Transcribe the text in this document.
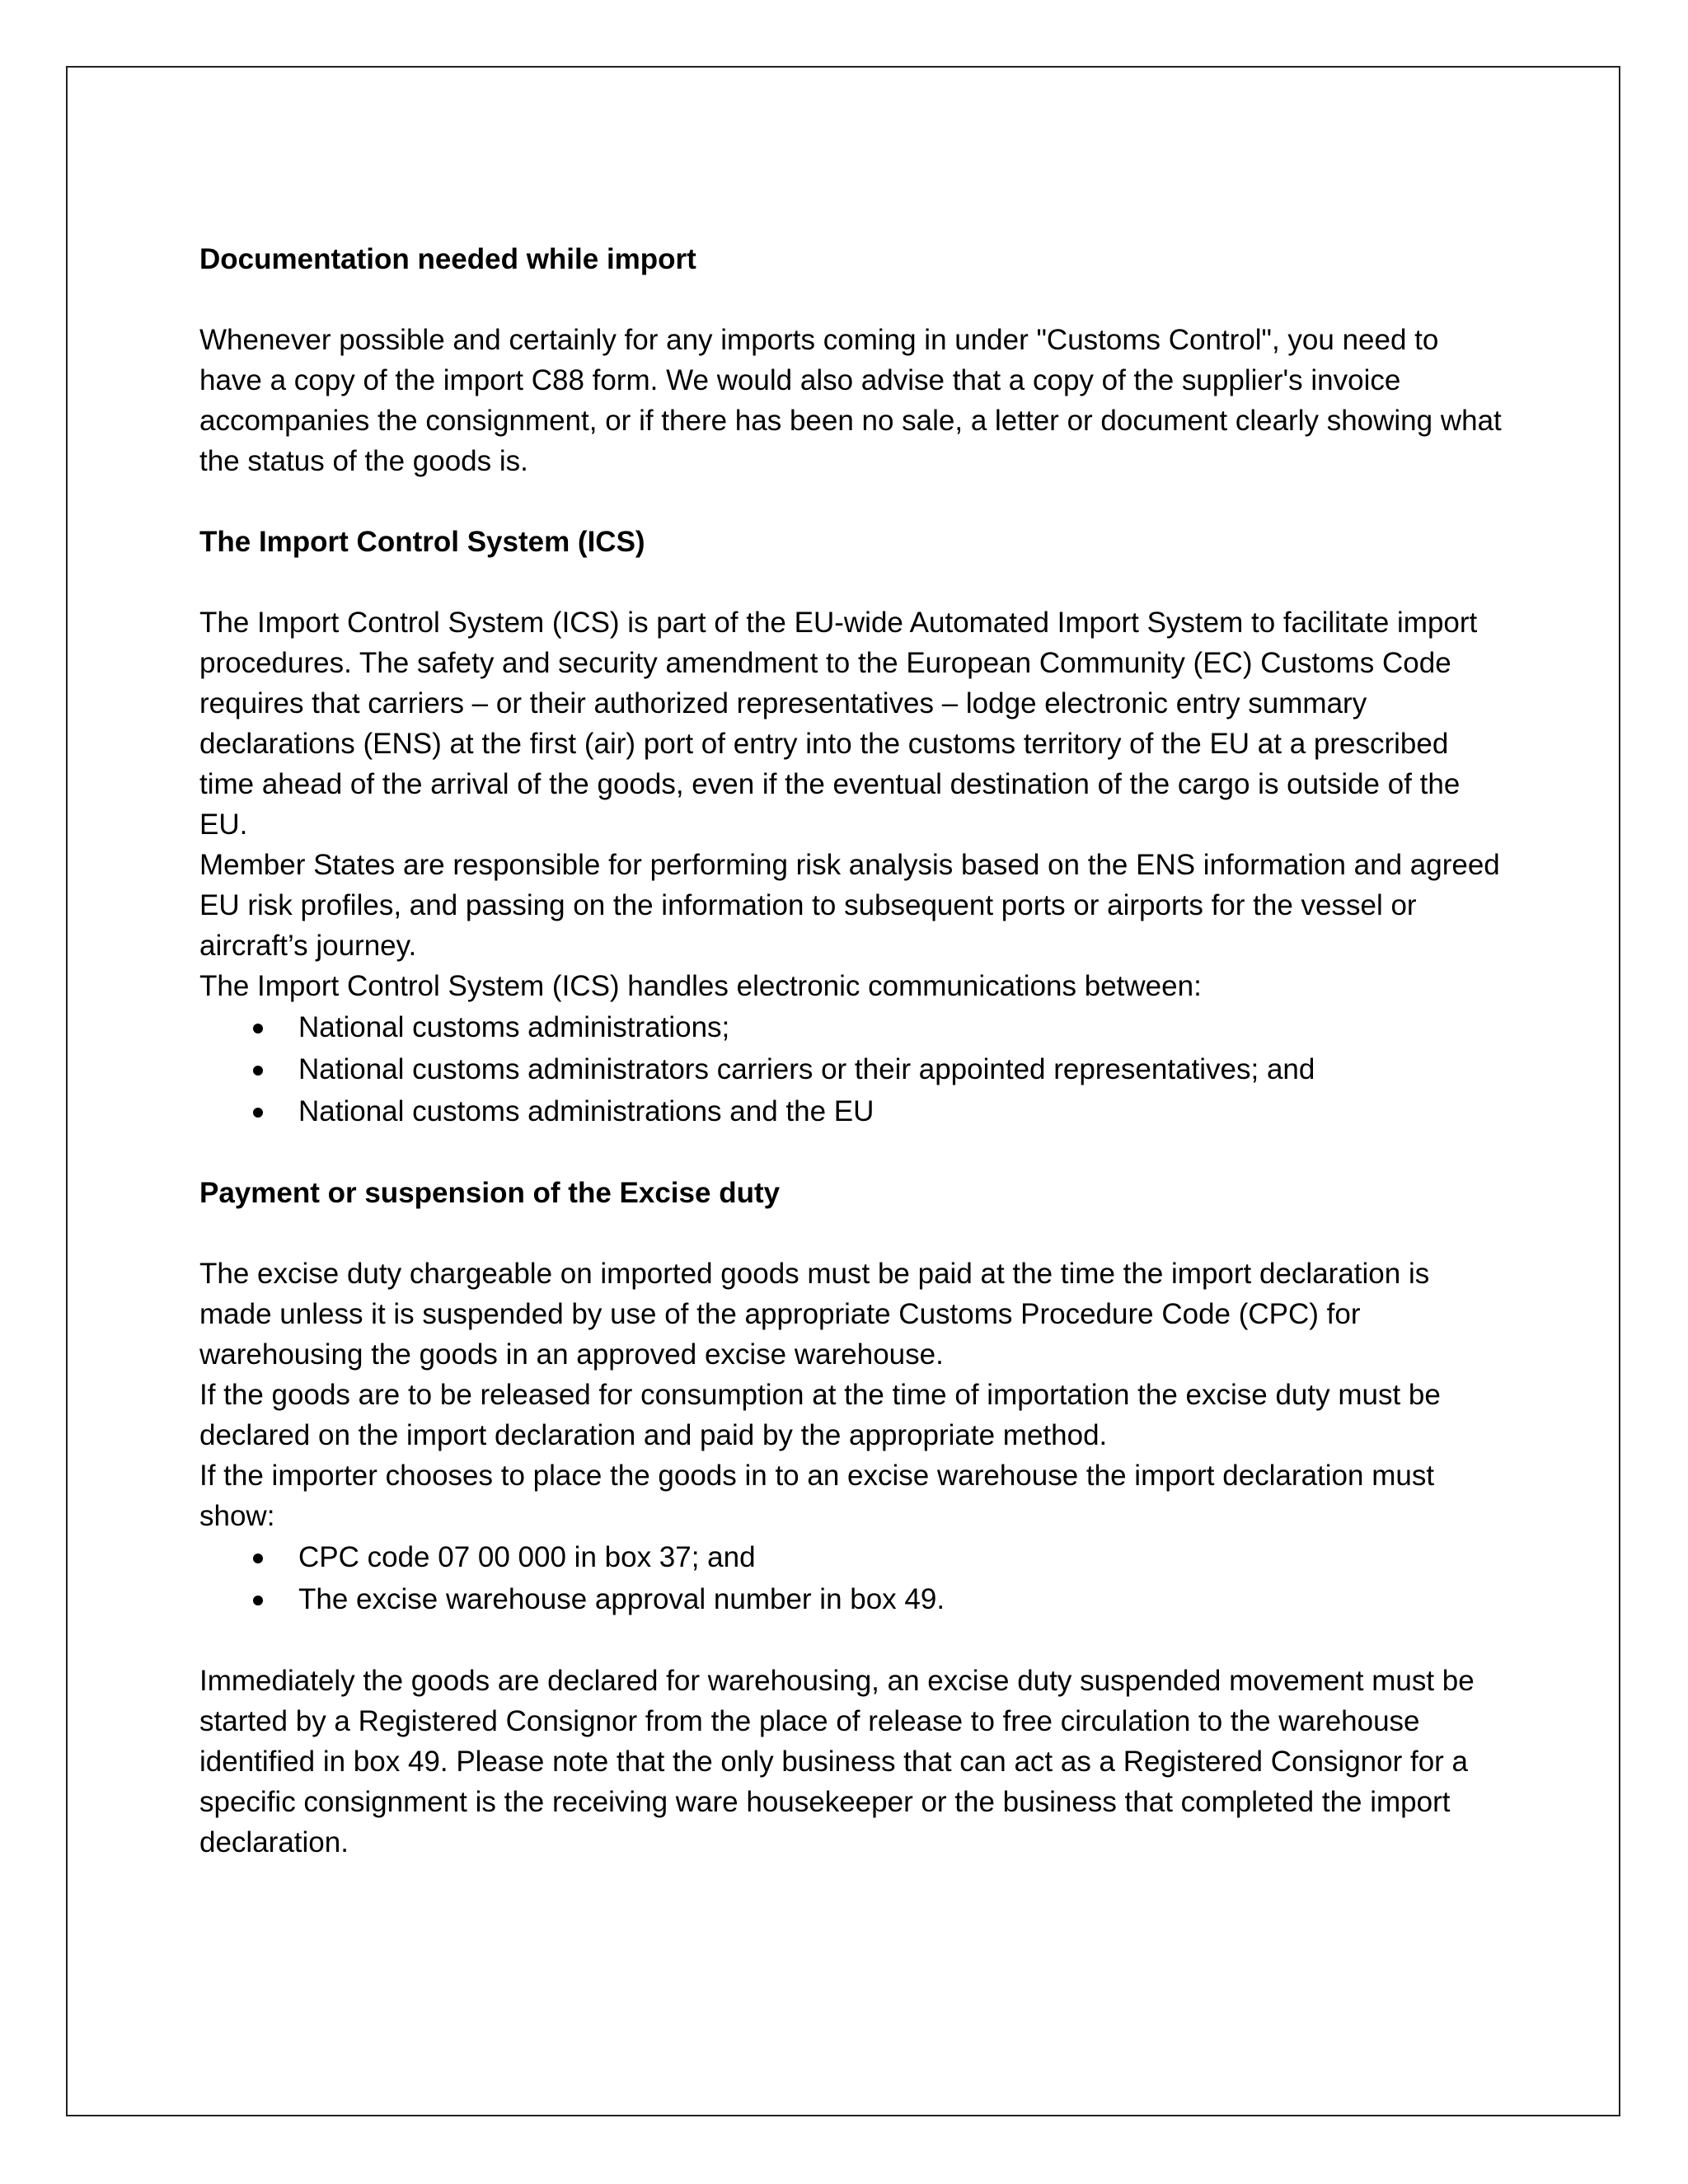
Documentation needed while import

Whenever possible and certainly for any imports coming in under "Customs Control", you need to have a copy of the import C88 form. We would also advise that a copy of the supplier's invoice accompanies the consignment, or if there has been no sale, a letter or document clearly showing what the status of the goods is.

The Import Control System (ICS)

The Import Control System (ICS) is part of the EU-wide Automated Import System to facilitate import procedures. The safety and security amendment to the European Community (EC) Customs Code requires that carriers – or their authorized representatives – lodge electronic entry summary declarations (ENS) at the first (air) port of entry into the customs territory of the EU at a prescribed time ahead of the arrival of the goods, even if the eventual destination of the cargo is outside of the EU.

Member States are responsible for performing risk analysis based on the ENS information and agreed EU risk profiles, and passing on the information to subsequent ports or airports for the vessel or aircraft’s journey.

The Import Control System (ICS) handles electronic communications between:

National customs administrations;
National customs administrators carriers or their appointed representatives; and
National customs administrations and the EU
Payment or suspension of the Excise duty

The excise duty chargeable on imported goods must be paid at the time the import declaration is made unless it is suspended by use of the appropriate Customs Procedure Code (CPC) for warehousing the goods in an approved excise warehouse.

If the goods are to be released for consumption at the time of importation the excise duty must be declared on the import declaration and paid by the appropriate method.

If the importer chooses to place the goods in to an excise warehouse the import declaration must show:

CPC code 07 00 000 in box 37; and
The excise warehouse approval number in box 49.

Immediately the goods are declared for warehousing, an excise duty suspended movement must be started by a Registered Consignor from the place of release to free circulation to the warehouse identified in box 49. Please note that the only business that can act as a Registered Consignor for a specific consignment is the receiving ware housekeeper or the business that completed the import declaration.
